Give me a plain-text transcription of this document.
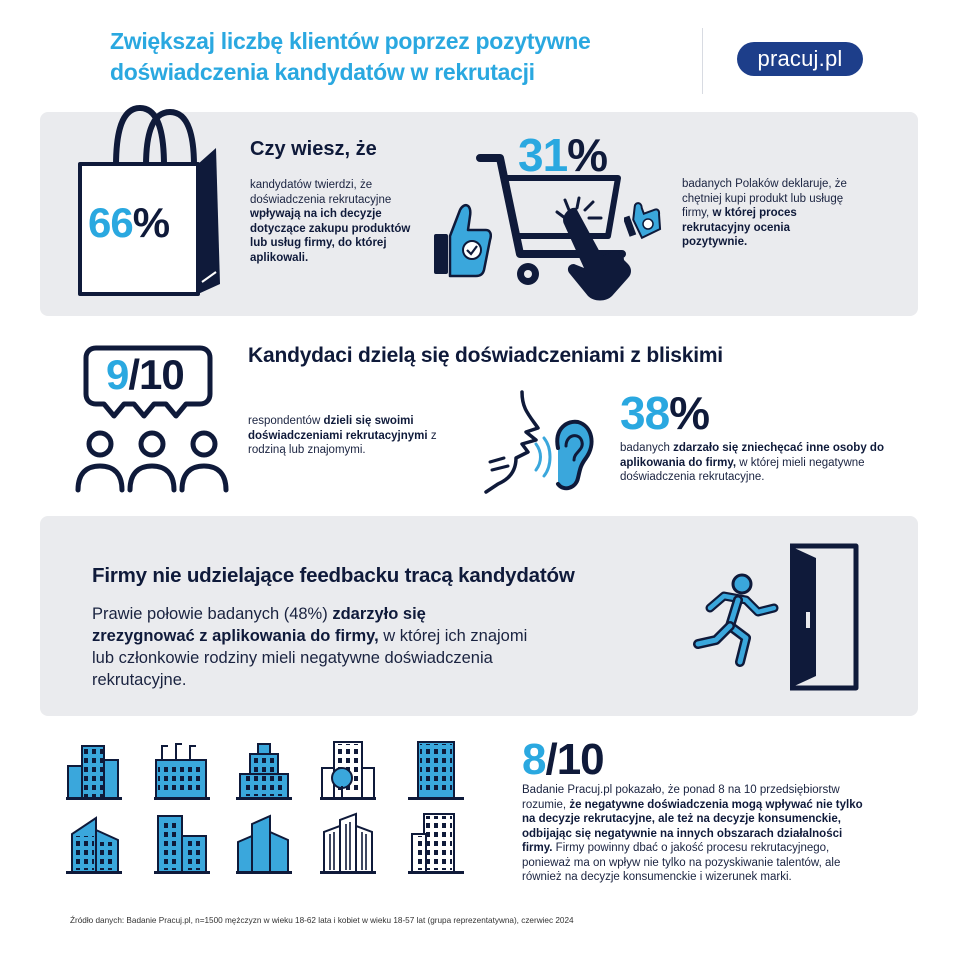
Zwiększaj liczbę klientów poprzez pozytywne
doświadczenia kandydatów w rekrutacji
pracuj.pl
66%
Czy wiesz, że
kandydatów twierdzi, że doświadczenia rekrutacyjne wpływają na ich decyzje dotyczące zakupu produktów lub usług firmy, do której aplikowali.
31%
badanych Polaków deklaruje, że chętniej kupi produkt lub usługę firmy, w której proces rekrutacyjny ocenia pozytywnie.
9/10	Kandydaci dzielą się doświadczeniami z bliskimi
respondentów dzieli się swoimi doświadczeniami rekrutacyjnymi z rodziną lub znajomymi.
38%
badanych zdarzało się zniechęcać inne osoby do aplikowania do firmy, w której mieli negatywne doświadczenia rekrutacyjne.
Firmy nie udzielające feedbacku tracą kandydatów
Prawie połowie badanych (48%) zdarzyło się zrezygnować z aplikowania do firmy, w której ich znajomi lub członkowie rodziny mieli negatywne doświadczenia rekrutacyjne.
8/10
Badanie Pracuj.pl pokazało, że ponad 8 na 10 przedsiębiorstw rozumie, że negatywne doświadczenia mogą wpływać nie tylko na decyzje rekrutacyjne, ale też na decyzje konsumenckie, odbijając się negatywnie na innych obszarach działalności firmy. Firmy powinny dbać o jakość procesu rekrutacyjnego, ponieważ ma on wpływ nie tylko na pozyskiwanie talentów, ale również na decyzje konsumenckie i wizerunek marki.
Źródło danych: Badanie Pracuj.pl, n=1500 mężczyzn w wieku 18-62 lata i kobiet w wieku 18-57 lat (grupa reprezentatywna), czerwiec 2024
